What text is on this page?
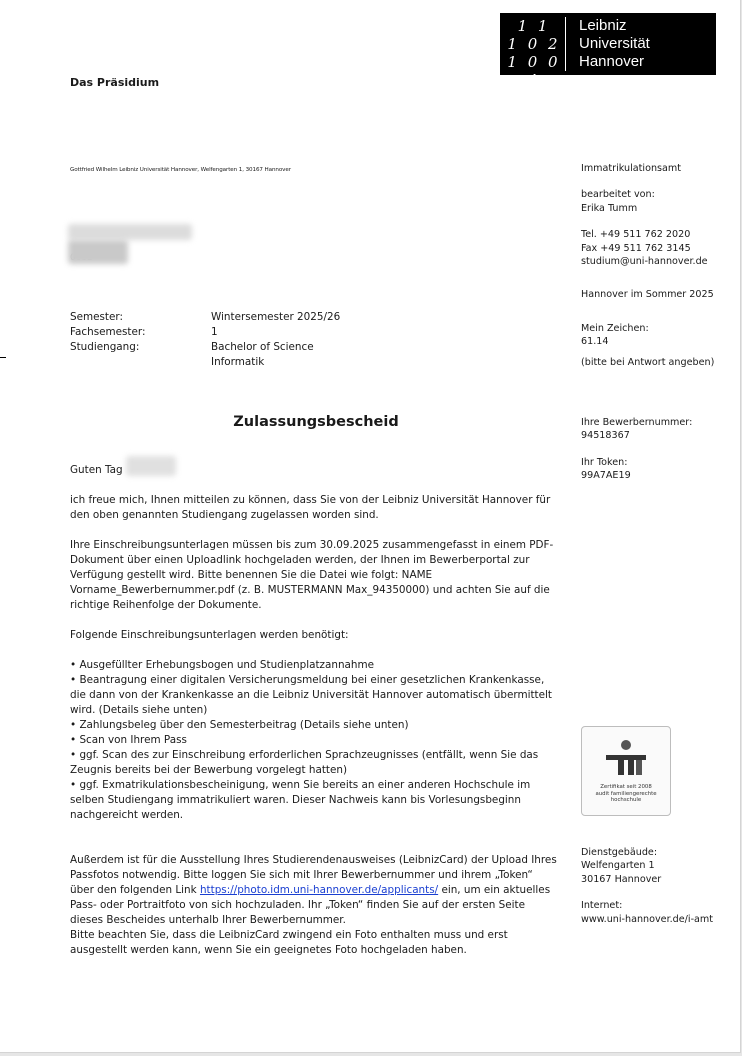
1 1
1 0 2
1 0 0 4
Leibniz
Universität
Hannover
Das Präsidium
Gottfried Wilhelm Leibniz Universität Hannover, Welfengarten 1, 30167 Hannover
Semester:
Fachsemester:
Studiengang:
Wintersemester 2025/26
1
Bachelor of Science
Informatik
Zulassungsbescheid

Guten Tag

ich freue mich, Ihnen mitteilen zu können, dass Sie von der Leibniz Universität Hannover für den oben genannten Studiengang zugelassen worden sind.

Ihre Einschreibungsunterlagen müssen bis zum 30.09.2025 zusammengefasst in einem PDF-Dokument über einen Uploadlink hochgeladen werden, der Ihnen im Bewerberportal zur Verfügung gestellt wird. Bitte benennen Sie die Datei wie folgt: NAME Vorname_Bewerbernummer.pdf (z. B. MUSTERMANN Max_94350000) und achten Sie auf die richtige Reihenfolge der Dokumente.

Folgende Einschreibungsunterlagen werden benötigt:

• Ausgefüllter Erhebungsbogen und Studienplatzannahme
• Beantragung einer digitalen Versicherungsmeldung bei einer gesetzlichen Krankenkasse, die dann von der Krankenkasse an die Leibniz Universität Hannover automatisch übermittelt wird. (Details siehe unten)
• Zahlungsbeleg über den Semesterbeitrag (Details siehe unten)
• Scan von Ihrem Pass
• ggf. Scan des zur Einschreibung erforderlichen Sprachzeugnisses (entfällt, wenn Sie das Zeugnis bereits bei der Bewerbung vorgelegt hatten)
• ggf. Exmatrikulationsbescheinigung, wenn Sie bereits an einer anderen Hochschule im selben Studiengang immatrikuliert waren. Dieser Nachweis kann bis Vorlesungsbeginn nachgereicht werden.
Außerdem ist für die Ausstellung Ihres Studierendenausweises (LeibnizCard) der Upload Ihres Passfotos notwendig. Bitte loggen Sie sich mit Ihrer Bewerbernummer und ihrem „Token“ über den folgenden Link https://photo.idm.uni-hannover.de/applicants/ ein, um ein aktuelles Pass- oder Portraitfoto von sich hochzuladen. Ihr „Token“ finden Sie auf der ersten Seite dieses Bescheides unterhalb Ihrer Bewerbernummer.
Bitte beachten Sie, dass die LeibnizCard zwingend ein Foto enthalten muss und erst ausgestellt werden kann, wenn Sie ein geeignetes Foto hochgeladen haben.
Immatrikulationsamt
bearbeitet von:
Erika Tumm
Tel. +49 511 762 2020
Fax +49 511 762 3145
studium@uni-hannover.de
Hannover im Sommer 2025
Mein Zeichen:
61.14
(bitte bei Antwort angeben)
Ihre Bewerbernummer:
94518367
Ihr Token:
99A7AE19
Zertifikat seit 2008
audit familiengerechte
hochschule
Dienstgebäude:
Welfengarten 1
30167 Hannover
Internet:
www.uni-hannover.de/i-amt
